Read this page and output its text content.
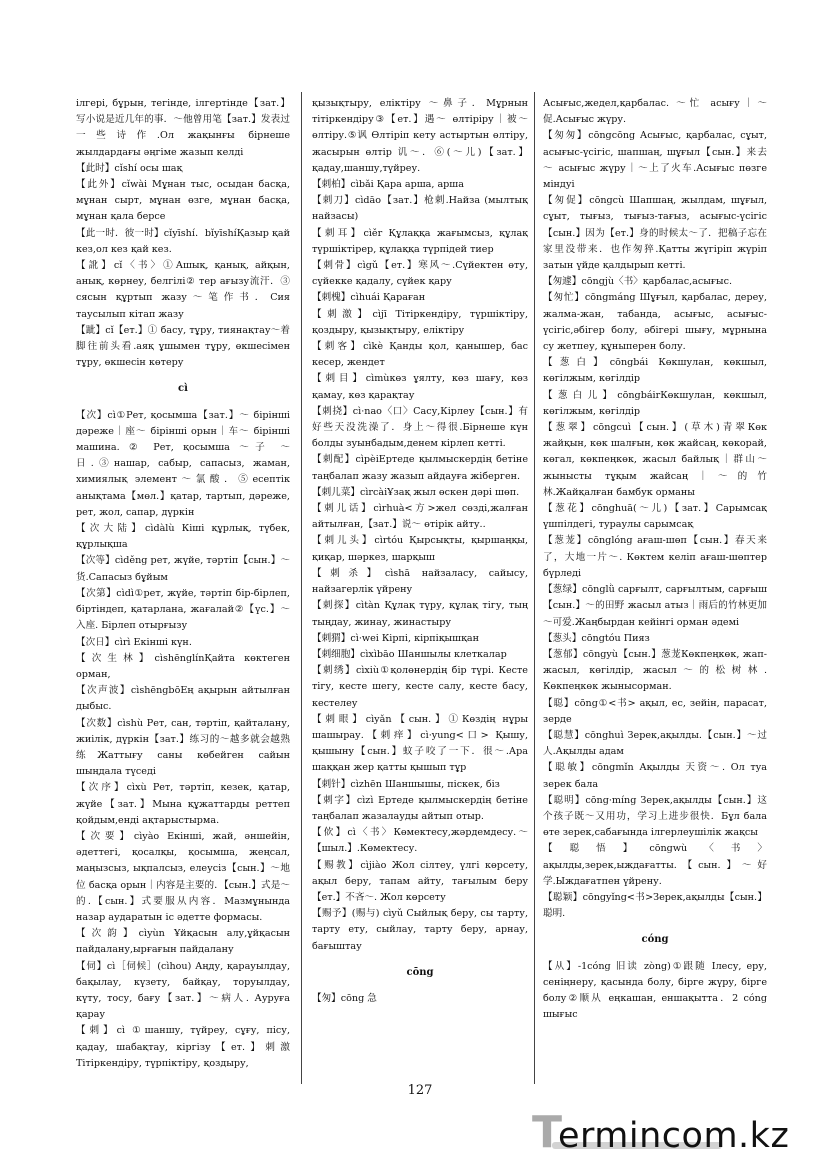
ілгері, бұрын, тегінде, ілгертінде【зат.】写小说是近几年的事．～他曾用笔【зат.】发表过一些诗作.Ол жақынғы бірнеше жылдардағы әңгіме жазып келді
【此时】cǐshí осы шақ
【此外】cǐwài Мұнан тыс, осыдан басқа, мұнан сырт, мұнан өзге, мұнан басқа, мұнан қала берсе
【此一时．彼一时】cǐyīshí．bǐyīshíҚазыр қай кез,ол кез қай кез.
【訛】cǐ〈书〉①Ашық, қанық, айқын, анық, көрнеу, белгілі② тер ағызу流汗．③ сясын құртып жазу～笔作书．Сия таусылып кітап жазу
【跐】cǐ【ет.】① басу, тұру, тиянақтау～着脚往前头看.аяқ ұшымен тұру, өкшесімен тұру, өкшесін көтеру
cì
【次】cì①Рет, қосымша【зат.】～ бірінші дәреже｜座～ бірінші орын｜车～ бірінші машина. ② Рет, қосымша ～子 ～日.③нашар, сабыр, сапасыз, жаман, химиялық элемент～氯酸．⑤есептік анықтама【мөл.】қатар, тартып, дәреже, рет, жол, сапар, дүркін
【次大陆】cìdàlù Кіші құрлық, түбек, құрлықша
【次等】cìděng рет, жүйе, тәртіп【сын.】～货.Сапасыз бұйым
【次第】cìdì①рет, жүйе, тәртіп бір-бірлеп, біртіндеп, қатарлана, жағалай②【үс.】～入座. Бірлеп отырғызу
【次日】cìrì Екінші күн.
【次生林】cìshēnglínҚайта көктеген орман,
【次声波】cìshēngbōЕң ақырын айтылған дыбыс.
【次数】cìshù Рет, сан, тәртіп, қайталану, жиілік, дүркін【зат.】练习的～越多就会越熟练Жаттығу саны көбейген сайын шыңдала түседі
【次序】cìxù Рет, тәртіп, кезек, қатар, жүйе【зат.】Мына құжаттарды реттеп қойдым,енді ақтарыстырма.
【次要】cìyào Екінші, жай, әншейін, әдеттегі, қосалқы, қосымша, жеңсал, маңызсыз, ықпалсыз, елеусіз【сын.】～地位 басқа орын｜内容是主要的．【сын.】式是～的.【сын.】式要服从内容．Мазмұнында назар аударатын іс әдетте формасы.
【次韵】cìyùn Ұйқасын алу,ұйқасын пайдалану,ырғағын пайдалану
【伺】cì［伺候］(cìhou) Аңду, қарауылдау, бақылау, күзету, байқау, торуылдау, күту, тосу, бағу【зат.】～病人. Ауруға қарау
【刺】cì ①шаншу, түйреу, сұғу, пісу, қадау, шабақтау, кіргізу【ет.】刺激 Тітіркендіру, түрпіктіру, қоздыру,
қызықтыру, еліктіру ～鼻子．Мұрнын тітіркендіру③【ет.】遇～ өлтіріру｜被～ өлтіру.⑤讽 Өлтіріп кету астыртын өлтіру, жасырын өлтір 讥～．⑥(～儿)【зат.】қадау,шаншу,түйреу.
【刺柏】cìbǎi Қара арша, арша
【刺刀】cìdāo【зат.】枪刺.Найза (мылтық найзасы)
【刺耳】cìěr Құлаққа жағымсыз, құлақ түршіктірер, құлаққа түрпідей тиер
【刺骨】cìgǔ【ет.】寒风～.Сүйектен өту, сүйекке қадалу, сүйек қару
【刺槐】cìhuái Қараған
【刺激】cìjī Тітіркендіру, түршіктіру, қоздыру, қызықтыру, еліктіру
【刺客】cìkè Қанды қол, қанышер, бас кесер, жендет
【刺目】cìmùкөз ұялту, көз шағу, көз қамау, көз қарақтау
【刺挠】cì·nao〈口〉Сасу,Кірлеу【сын.】有好些天没洗澡了．身上～得很.Бірнеше күн болды зуынбадым,денем кірлеп кетті.
【刺配】cìpèiЕртеде қылмыскердің бетіне таңбалап жазу жазып айдауға жіберген.
【刺儿菜】cìrcàiҰзақ жыл өскен дәрі шөп.
【刺儿话】cìrhuà<方>жел сөзді,жалған айтылған,【зат.】说～ өтірік айту..
【刺儿头】cìrtóu Қырсықты, қыршаңқы, қиқар, шәркез, шарқыш
【刺杀】cìshā найзаласу, сайысу, найзагерлік үйрену
【刺探】cìtàn Құлақ түру, құлақ тігу, тың тыңдау, жинау, жинастыру
【刺猬】cì·wei Кірпі, кірпіқышқан
【刺细胞】cìxìbāo Шаншылы клеткалар
【刺绣】cìxiù①қолөнердің бір түрі. Кесте тігу, кесте шегу, кесте салу, кесте басу, кестелеу
【刺眼】cìyǎn【сын.】①Көздің нұры шашырау.【刺痒】cì·yung<口> Қышу, қышыну【сын.】蚊子咬了一下．很～.Ара шаққан жер қатты қышып тұр
【刺针】cìzhēn Шаншышы, піскек, біз
【刺字】cìzì Ертеде қылмыскердің бетіне таңбалап жазалауды айтып отыр.
【佽】cì〈书〉Көмектесу,жәрдемдесу.～【шыл.】.Көмектесу.
【赐教】cìjiào Жол сілтеу, үлгі көрсету, ақыл беру, тапам айту, тағылым беру【ет.】不吝～. Жол көрсету
【赐予】(赐与) cìyǔ Сыйлық беру, сы тарту, тарту ету, сыйлау, тарту беру, арнау, бағыштау
cōng
【匆】cōng 急
Асығыс,жедел,қарбалас. ～忙 асығу｜～促.Асығыс жүру.
【匆匆】cōngcōng Асығыс, қарбалас, сұыт, асығыс-үсігіс, шапшаң, шұғыл【сын.】来去～ асығыс жүру｜～上了火车.Асығыс пөзге міндуі
【匆促】cōngcù Шапшаң, жылдам, шұғыл, сұыт, тығыз, тығыз-тағыз, асығыс-үсігіс【сын.】因为【ет.】身的时候太～了．把稿子忘在家里没带来．也作匆猝.Қатты жүгіріп жүріп затын үйде қалдырып кетті.
【匆遽】cōngjù〈书〉қарбалас,асығыс.
【匆忙】cōngmáng Шұғыл, қарбалас, дереу, жалма-жан, табанда, асығыс, асығыс-үсігіс,әбігер болу, әбігері шығу, мұрнына су жетпеу, құныперен болу.
【葱白】cōngbái Көкшулан, көкшыл, көгілжым, көгілдір
【葱白儿】cōngbáirКөкшулан, көкшыл, көгілжым, көгілдір
【葱翠】cōngcuì【сын.】(草木)青翠Көк жайқын, көк шалғын, көк жайсаң, көкорай, көгал, көкпеңкөк, жасыл байлық｜群山～ жынысты тұқым жайсаң｜～的竹林.Жайқалған бамбук орманы
【葱花】cōnghuā(～儿)【зат.】Сарымсақ үшпілдегі, тураулы сарымсақ
【葱茏】cōnglóng ағаш-шөп【сын.】春天来了，大地一片～. Көктем келіп ағаш-шөптер бүрледі
【葱绿】cōnglǜ сарғылт, сарғылтым, сарғыш【сын.】～的田野 жасыл атыз｜雨后的竹林更加～可爱.Жаңбырдан кейінгі орман әдемі
【葱头】cōngtóu Пияз
【葱郁】cōngyù【сын.】葱茏Көкпеңкөк, жап-жасыл, көгілдір, жасыл～的松树林. Көкпеңкөк жынысорман.
【聪】cōng①<书> ақыл, ес, зейін, парасат, зерде
【聪慧】cōnghuì Зерек,ақылды.【сын.】～过人.Ақылды адам
【聪敏】cōngmǐn Ақылды 天资～. Ол туа зерек бала
【聪明】cōng·míng Зерек,ақылды【сын.】这个孩子既～又用功，学习上进步很快．Бұл бала өте зерек,сабағында ілгерлеушілік жақсы
【聪悟】cōngwù〈书〉ақылды,зерек,ыждағатты.【сын.】～好学.Ыждағатпен үйрену.
【聪颖】cōngyǐng<书>Зерек,ақылды【сын.】聪明.
cóng
【从】-1cóng 旧读 zòng)①跟随 Ілесу, еру, сеніңнеру, қасында болу, бірге жүру, бірге болу②顺从 еңкашан, еншақытта．2 cóng шығыс
127
T
ermincom.kz
